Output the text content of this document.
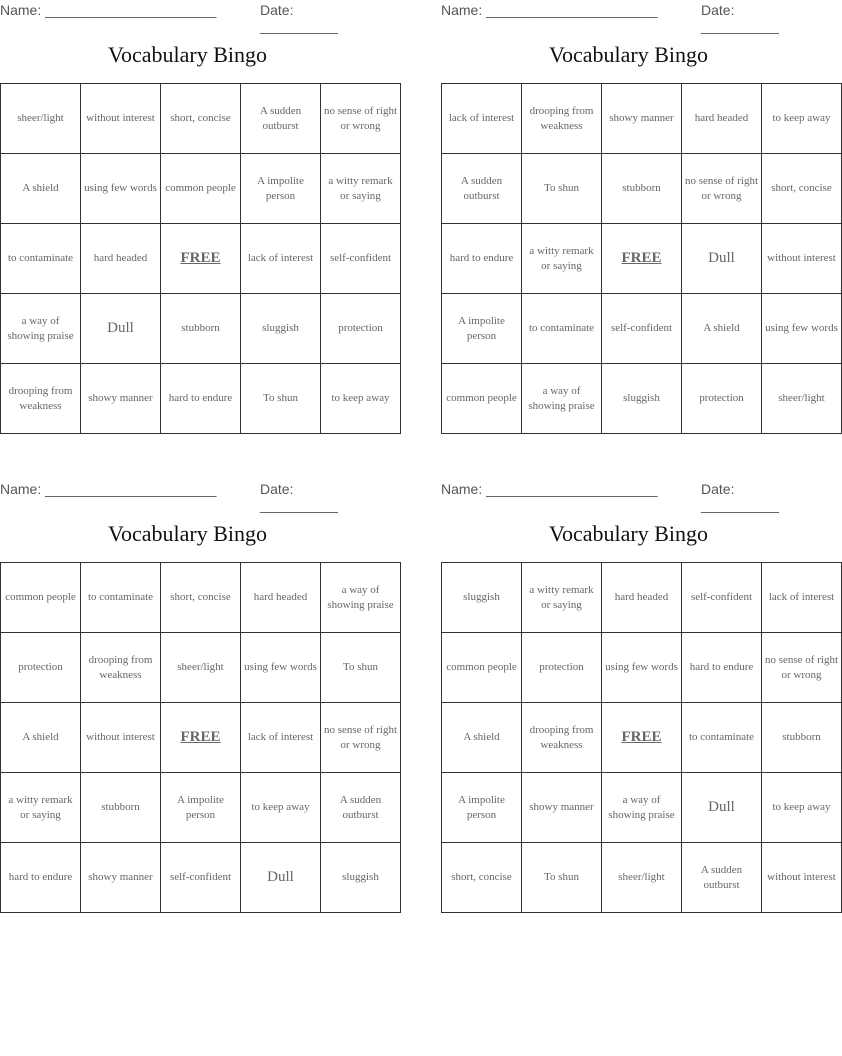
Name: ______________________	Date: __________
Vocabulary Bingo
sheer/light	without interest	short, concise	A sudden outburst	no sense of right or wrong
A shield	using few words	common people	A impolite person	a witty remark or saying
to contaminate	hard headed	FREE	lack of interest	self-confident
a way of showing praise	Dull	stubborn	sluggish	protection
drooping from weakness	showy manner	hard to endure	To shun	to keep away
Name: ______________________	Date: __________
Vocabulary Bingo
lack of interest	drooping from weakness	showy manner	hard headed	to keep away
A sudden outburst	To shun	stubborn	no sense of right or wrong	short, concise
hard to endure	a witty remark or saying	FREE	Dull	without interest
A impolite person	to contaminate	self-confident	A shield	using few words
common people	a way of showing praise	sluggish	protection	sheer/light
Name: ______________________	Date: __________
Vocabulary Bingo
common people	to contaminate	short, concise	hard headed	a way of showing praise
protection	drooping from weakness	sheer/light	using few words	To shun
A shield	without interest	FREE	lack of interest	no sense of right or wrong
a witty remark or saying	stubborn	A impolite person	to keep away	A sudden outburst
hard to endure	showy manner	self-confident	Dull	sluggish
Name: ______________________	Date: __________
Vocabulary Bingo
sluggish	a witty remark or saying	hard headed	self-confident	lack of interest
common people	protection	using few words	hard to endure	no sense of right or wrong
A shield	drooping from weakness	FREE	to contaminate	stubborn
A impolite person	showy manner	a way of showing praise	Dull	to keep away
short, concise	To shun	sheer/light	A sudden outburst	without interest
